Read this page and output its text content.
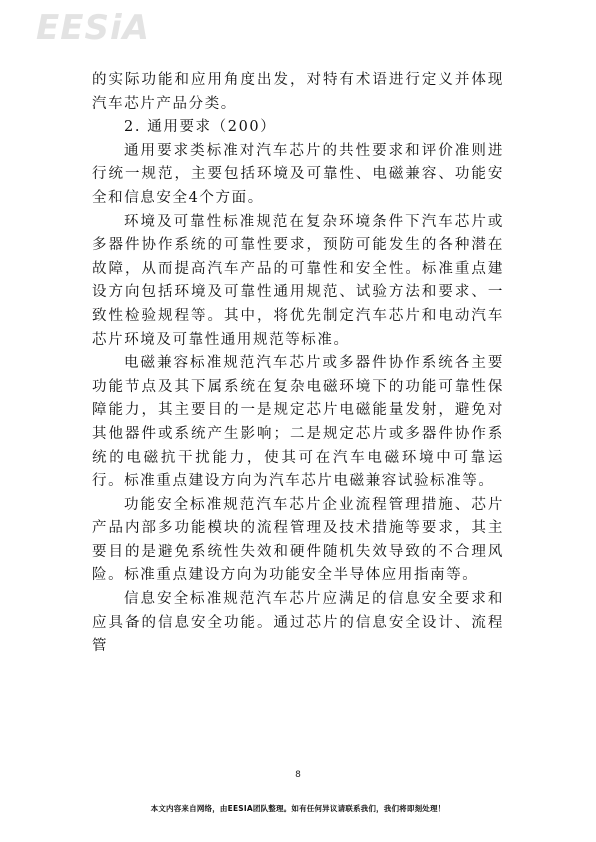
EESiA

的实际功能和应用角度出发，对特有术语进行定义并体现汽车芯片产品分类。

2. 通用要求（200）

通用要求类标准对汽车芯片的共性要求和评价准则进行统一规范，主要包括环境及可靠性、电磁兼容、功能安全和信息安全4个方面。

环境及可靠性标准规范在复杂环境条件下汽车芯片或多器件协作系统的可靠性要求，预防可能发生的各种潜在故障，从而提高汽车产品的可靠性和安全性。标准重点建设方向包括环境及可靠性通用规范、试验方法和要求、一致性检验规程等。其中，将优先制定汽车芯片和电动汽车芯片环境及可靠性通用规范等标准。

电磁兼容标准规范汽车芯片或多器件协作系统各主要功能节点及其下属系统在复杂电磁环境下的功能可靠性保障能力，其主要目的一是规定芯片电磁能量发射，避免对其他器件或系统产生影响；二是规定芯片或多器件协作系统的电磁抗干扰能力，使其可在汽车电磁环境中可靠运行。标准重点建设方向为汽车芯片电磁兼容试验标准等。

功能安全标准规范汽车芯片企业流程管理措施、芯片产品内部多功能模块的流程管理及技术措施等要求，其主要目的是避免系统性失效和硬件随机失效导致的不合理风险。标准重点建设方向为功能安全半导体应用指南等。

信息安全标准规范汽车芯片应满足的信息安全要求和应具备的信息安全功能。通过芯片的信息安全设计、流程管

8
本文内容来自网络，由EESIA团队整理。如有任何异议请联系我们，我们将即刻处理！
